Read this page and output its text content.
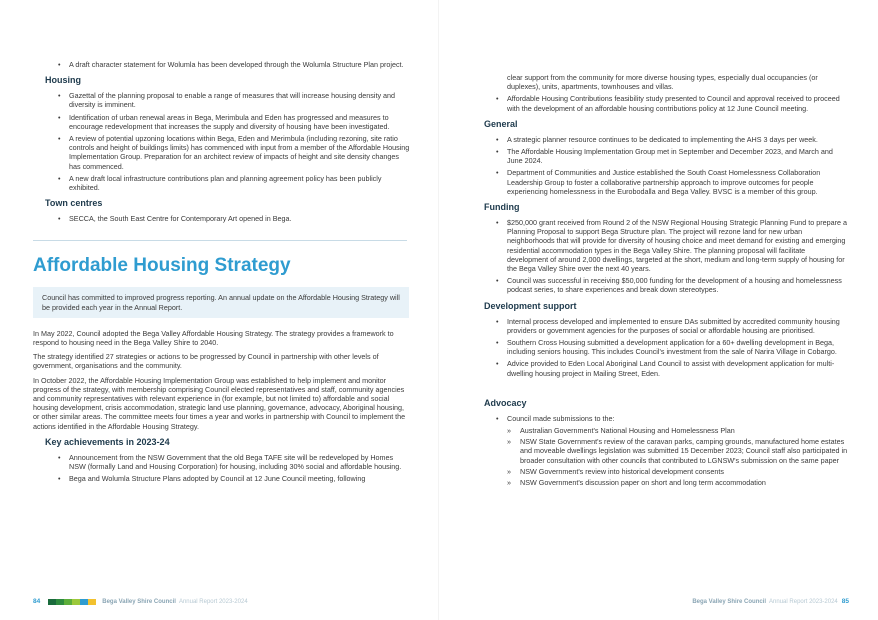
• A draft character statement for Wolumla has been developed through the Wolumla Structure Plan project.
Housing
• Gazettal of the planning proposal to enable a range of measures that will increase housing density and diversity is imminent.
• Identification of urban renewal areas in Bega, Merimbula and Eden has progressed and measures to encourage redevelopment that increases the supply and diversity of housing have been investigated.
• A review of potential upzoning locations within Bega, Eden and Merimbula (including rezoning, site ratio controls and height of buildings limits) has commenced with input from a member of the Affordable Housing Implementation Group. Preparation for an architect review of impacts of height and site density changes has commenced.
• A new draft local infrastructure contributions plan and planning agreement policy has been publicly exhibited.
Town centres
• SECCA, the South East Centre for Contemporary Art opened in Bega.
Affordable Housing Strategy
Council has committed to improved progress reporting. An annual update on the Affordable Housing Strategy will be provided each year in the Annual Report.

In May 2022, Council adopted the Bega Valley Affordable Housing Strategy. The strategy provides a framework to respond to housing need in the Bega Valley Shire to 2040.

The strategy identified 27 strategies or actions to be progressed by Council in partnership with other levels of government, organisations and the community.

In October 2022, the Affordable Housing Implementation Group was established to help implement and monitor progress of the strategy, with membership comprising Council elected representatives and staff, community agencies and community representatives with relevant experience in (for example, but not limited to) affordable and social housing development, crisis accommodation, strategic land use planning, governance, advocacy, Aboriginal housing, or other similar areas. The committee meets four times a year and works in partnership with Council to implement the actions identified in the Affordable Housing Strategy.

Key achievements in 2023-24
• Announcement from the NSW Government that the old Bega TAFE site will be redeveloped by Homes NSW (formally Land and Housing Corporation) for housing, including 30% social and affordable housing.
• Bega and Wolumla Structure Plans adopted by Council at 12 June Council meeting, following

clear support from the community for more diverse housing types, especially dual occupancies (or duplexes), units, apartments, townhouses and villas.

• Affordable Housing Contributions feasibility study presented to Council and approval received to proceed with the development of an affordable housing contributions policy at 12 June Council meeting.
General
• A strategic planner resource continues to be dedicated to implementing the AHS 3 days per week.
• The Affordable Housing Implementation Group met in September and December 2023, and March and June 2024.
• Department of Communities and Justice established the South Coast Homelessness Collaboration Leadership Group to foster a collaborative partnership approach to improve outcomes for people experiencing homelessness in the Eurobodalla and Bega Valley. BVSC is a member of this group.
Funding
• $250,000 grant received from Round 2 of the NSW Regional Housing Strategic Planning Fund to prepare a Planning Proposal to support Bega Structure plan. The project will rezone land for new urban neighborhoods that will provide for diversity of housing choice and meet demand for existing and emerging residential accommodation types in the Bega Valley Shire. The planning proposal will facilitate development of around 2,000 dwellings, targeted at the short, medium and long-term supply of housing for the Bega Valley Shire over the next 40 years.
• Council was successful in receiving $50,000 funding for the development of a housing and homelessness podcast series, to share experiences and break down stereotypes.
Development support
• Internal process developed and implemented to ensure DAs submitted by accredited community housing providers or government agencies for the purposes of social or affordable housing are prioritised.
• Southern Cross Housing submitted a development application for a 60+ dwelling development in Bega, including seniors housing. This includes Council's investment from the sale of Narira Village in Cobargo.
• Advice provided to Eden Local Aboriginal Land Council to assist with development application for multi-dwelling housing project in Mailing Street, Eden.
Advocacy
• Council made submissions to the:
» Australian Government's National Housing and Homelessness Plan
» NSW State Government's review of the caravan parks, camping grounds, manufactured home estates and moveable dwellings legislation was submitted 15 December 2023; Council staff also participated in broader consultation with other councils that contributed to LGNSW's submission on the same paper
» NSW Government's review into historical development consents
» NSW Government's discussion paper on short and long term accommodation
84	Bega Valley Shire Council Annual Report 2023-2024	Bega Valley Shire Council Annual Report 2023-2024 85
